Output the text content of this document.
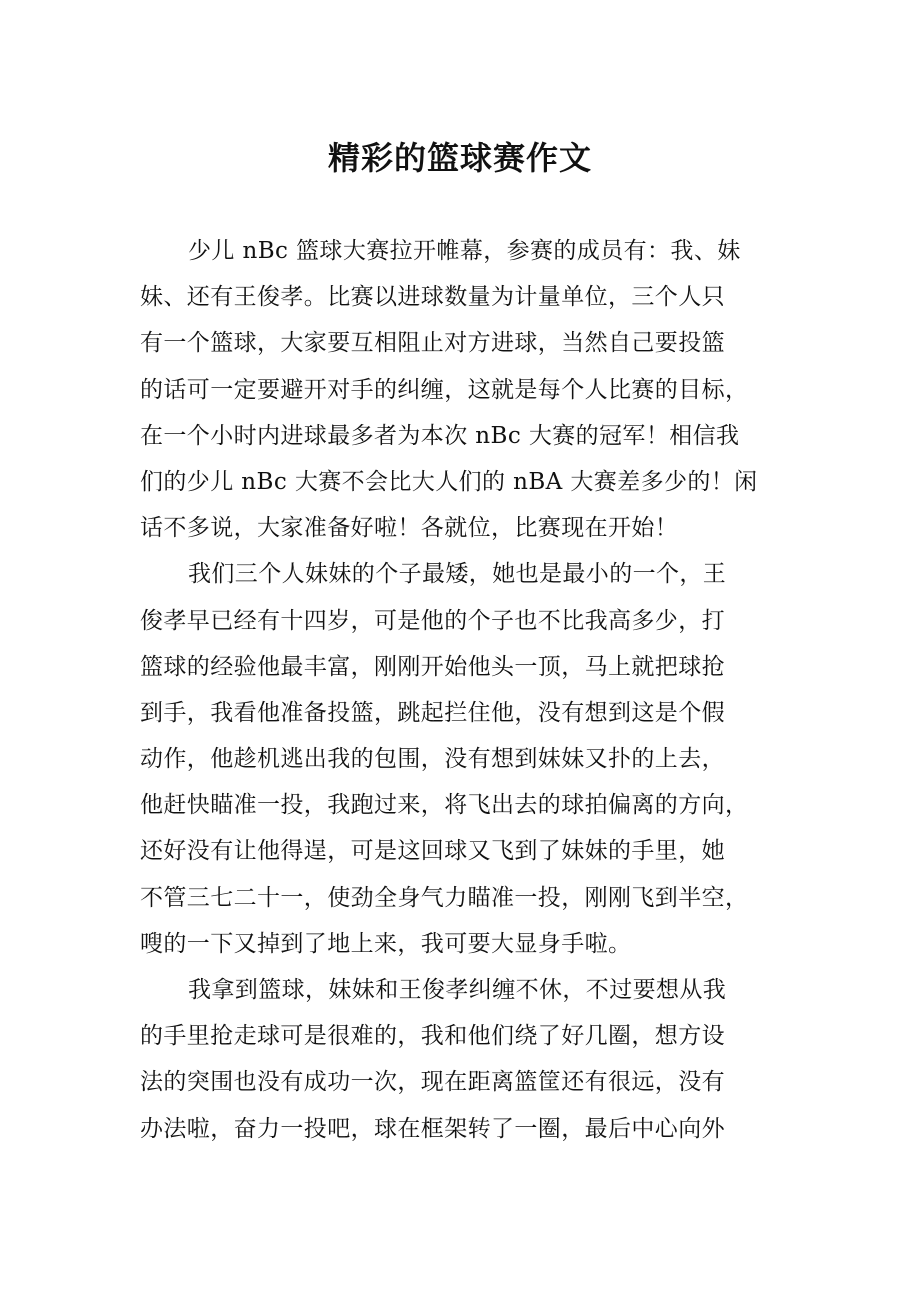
精彩的篮球赛作文

少儿 nBc 篮球大赛拉开帷幕，参赛的成员有：我、妹
妹、还有王俊孝。比赛以进球数量为计量单位，三个人只
有一个篮球，大家要互相阻止对方进球，当然自己要投篮
的话可一定要避开对手的纠缠，这就是每个人比赛的目标，
在一个小时内进球最多者为本次 nBc 大赛的冠军！相信我
们的少儿 nBc 大赛不会比大人们的 nBA 大赛差多少的！闲
话不多说，大家准备好啦！各就位，比赛现在开始！

我们三个人妹妹的个子最矮，她也是最小的一个，王
俊孝早已经有十四岁，可是他的个子也不比我高多少，打
篮球的经验他最丰富，刚刚开始他头一顶，马上就把球抢
到手，我看他准备投篮，跳起拦住他，没有想到这是个假
动作，他趁机逃出我的包围，没有想到妹妹又扑的上去，
他赶快瞄准一投，我跑过来，将飞出去的球拍偏离的方向，
还好没有让他得逞，可是这回球又飞到了妹妹的手里，她
不管三七二十一，使劲全身气力瞄准一投，刚刚飞到半空，
嗖的一下又掉到了地上来，我可要大显身手啦。

我拿到篮球，妹妹和王俊孝纠缠不休，不过要想从我
的手里抢走球可是很难的，我和他们绕了好几圈，想方设
法的突围也没有成功一次，现在距离篮筐还有很远，没有
办法啦，奋力一投吧，球在框架转了一圈，最后中心向外
